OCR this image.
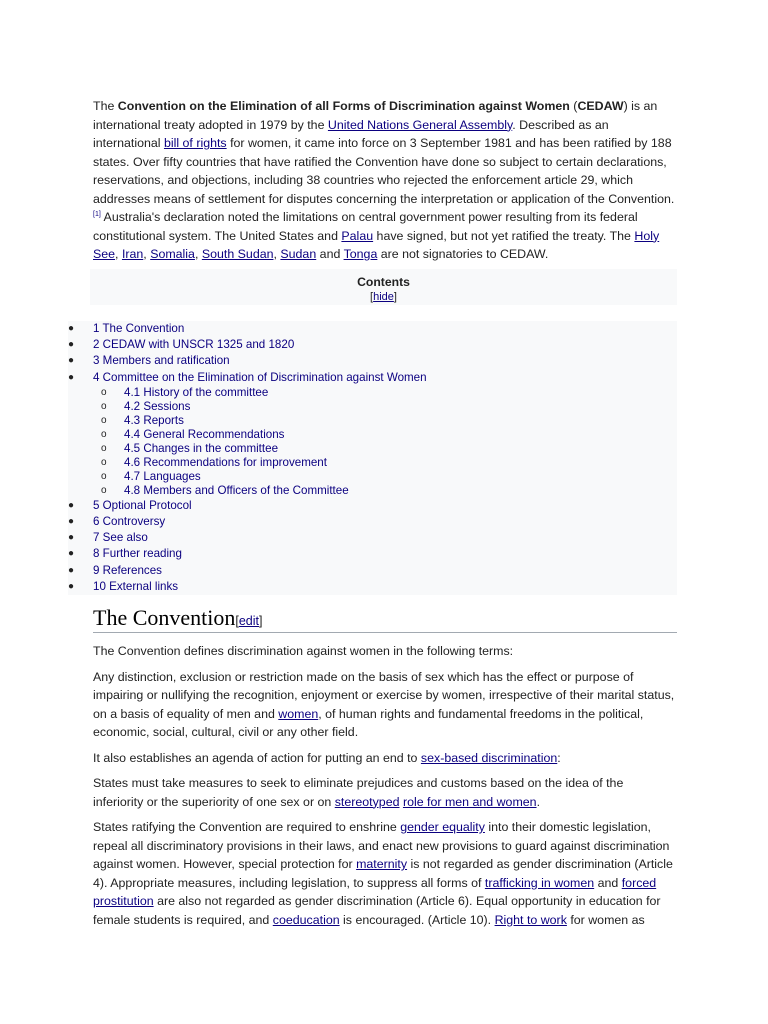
The Convention on the Elimination of all Forms of Discrimination against Women (CEDAW) is an international treaty adopted in 1979 by the United Nations General Assembly. Described as an international bill of rights for women, it came into force on 3 September 1981 and has been ratified by 188 states. Over fifty countries that have ratified the Convention have done so subject to certain declarations, reservations, and objections, including 38 countries who rejected the enforcement article 29, which addresses means of settlement for disputes concerning the interpretation or application of the Convention.[1] Australia's declaration noted the limitations on central government power resulting from its federal constitutional system. The United States and Palau have signed, but not yet ratified the treaty. The Holy See, Iran, Somalia, South Sudan, Sudan and Tonga are not signatories to CEDAW.

Contents
[hide]
● 1 The Convention
● 2 CEDAW with UNSCR 1325 and 1820
● 3 Members and ratification
● 4 Committee on the Elimination of Discrimination against Women
o 4.1 History of the committee
o 4.2 Sessions
o 4.3 Reports
o 4.4 General Recommendations
o 4.5 Changes in the committee
o 4.6 Recommendations for improvement
o 4.7 Languages
o 4.8 Members and Officers of the Committee
● 5 Optional Protocol
● 6 Controversy
● 7 See also
● 8 Further reading
● 9 References
● 10 External links
The Convention[edit]

The Convention defines discrimination against women in the following terms:

Any distinction, exclusion or restriction made on the basis of sex which has the effect or purpose of impairing or nullifying the recognition, enjoyment or exercise by women, irrespective of their marital status, on a basis of equality of men and women, of human rights and fundamental freedoms in the political, economic, social, cultural, civil or any other field.

It also establishes an agenda of action for putting an end to sex-based discrimination:

States must take measures to seek to eliminate prejudices and customs based on the idea of the inferiority or the superiority of one sex or on stereotyped role for men and women.

States ratifying the Convention are required to enshrine gender equality into their domestic legislation, repeal all discriminatory provisions in their laws, and enact new provisions to guard against discrimination against women. However, special protection for maternity is not regarded as gender discrimination (Article 4). Appropriate measures, including legislation, to suppress all forms of trafficking in women and forced prostitution are also not regarded as gender discrimination (Article 6). Equal opportunity in education for female students is required, and coeducation is encouraged. (Article 10). Right to work for women as
